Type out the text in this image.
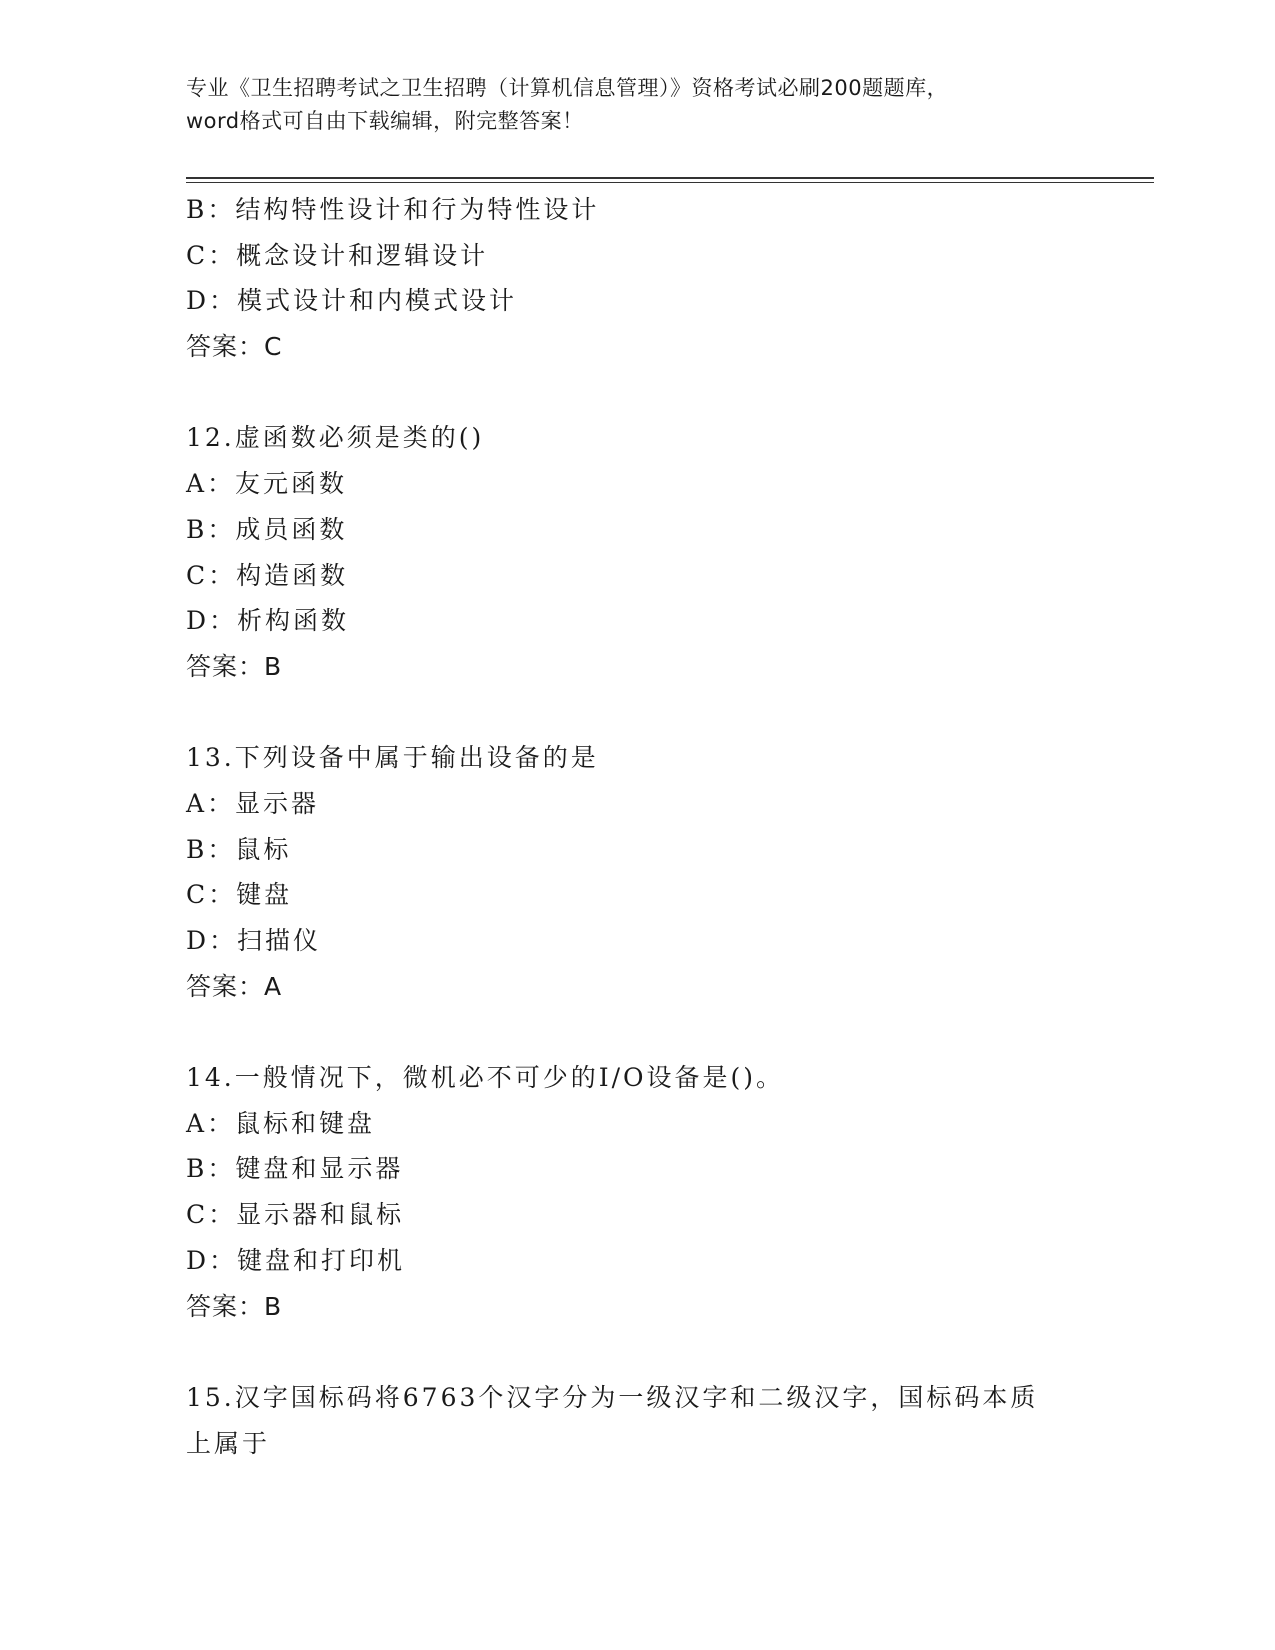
专业《卫生招聘考试之卫生招聘（计算机信息管理）》资格考试必刷200题题库，
word格式可自由下载编辑，附完整答案！
B：结构特性设计和行为特性设计
C：概念设计和逻辑设计
D：模式设计和内模式设计
答案：C
12.虚函数必须是类的()
A：友元函数
B：成员函数
C：构造函数
D：析构函数
答案：B
13.下列设备中属于输出设备的是
A：显示器
B：鼠标
C：键盘
D：扫描仪
答案：A
14.一般情况下，微机必不可少的I/O设备是()。
A：鼠标和键盘
B：键盘和显示器
C：显示器和鼠标
D：键盘和打印机
答案：B
15.汉字国标码将6763个汉字分为一级汉字和二级汉字，国标码本质
上属于
